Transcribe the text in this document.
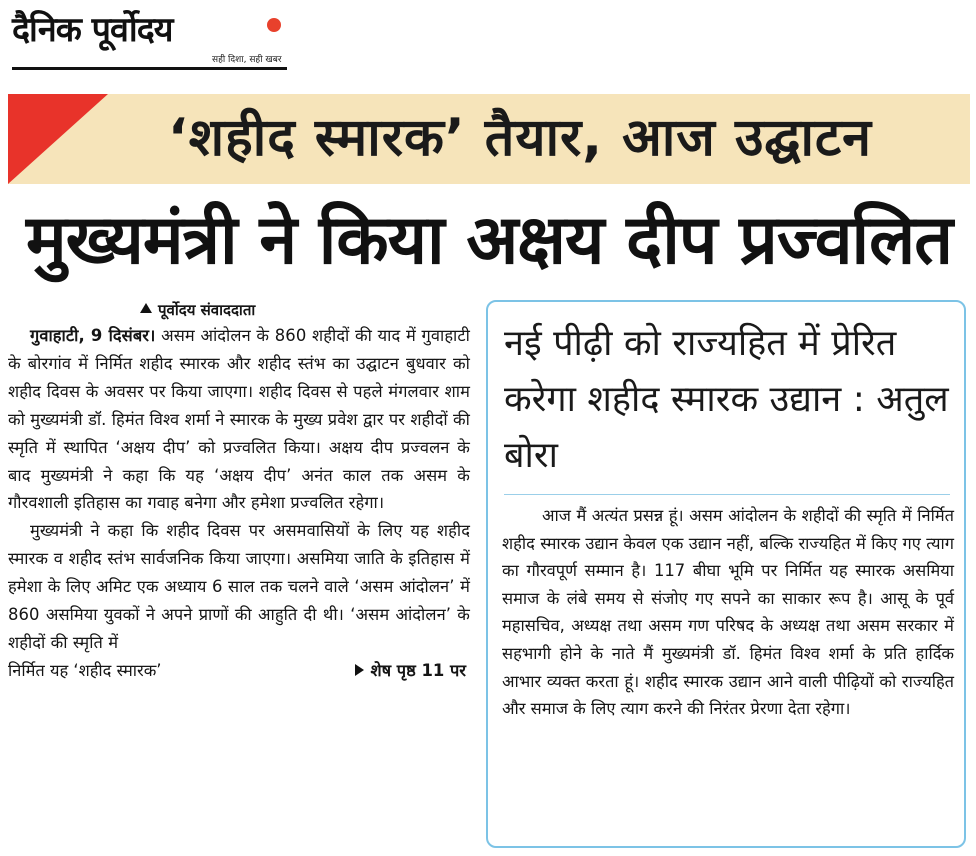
दैनिक पूर्वोदय
सही दिशा, सही खबर
‘शहीद स्मारक’ तैयार, आज उद्घाटन
मुख्यमंत्री ने किया अक्षय दीप प्रज्वलित
पूर्वोदय संवाददाता

गुवाहाटी, 9 दिसंबर। असम आंदोलन के 860 शहीदों की याद में गुवाहाटी के बोरगांव में निर्मित शहीद स्मारक और शहीद स्तंभ का उद्घाटन बुधवार को शहीद दिवस के अवसर पर किया जाएगा। शहीद दिवस से पहले मंगलवार शाम को मुख्यमंत्री डॉ. हिमंत विश्व शर्मा ने स्मारक के मुख्य प्रवेश द्वार पर शहीदों की स्मृति में स्थापित ‘अक्षय दीप’ को प्रज्वलित किया। अक्षय दीप प्रज्वलन के बाद मुख्यमंत्री ने कहा कि यह ‘अक्षय दीप’ अनंत काल तक असम के गौरवशाली इतिहास का गवाह बनेगा और हमेशा प्रज्वलित रहेगा।

मुख्यमंत्री ने कहा कि शहीद दिवस पर असमवासियों के लिए यह शहीद स्मारक व शहीद स्तंभ सार्वजनिक किया जाएगा। असमिया जाति के इतिहास में हमेशा के लिए अमिट एक अध्याय 6 साल तक चलने वाले ‘असम आंदोलन’ में 860 असमिया युवकों ने अपने प्राणों की आहुति दी थी। ‘असम आंदोलन’ के शहीदों की स्मृति में

निर्मित यह ‘शहीद स्मारक’	शेष पृष्ठ 11 पर
नई पीढ़ी को राज्यहित में प्रेरित करेगा शहीद स्मारक उद्यान : अतुल बोरा

आज मैं अत्यंत प्रसन्न हूं। असम आंदोलन के शहीदों की स्मृति में निर्मित शहीद स्मारक उद्यान केवल एक उद्यान नहीं, बल्कि राज्यहित में किए गए त्याग का गौरवपूर्ण सम्मान है। 117 बीघा भूमि पर निर्मित यह स्मारक असमिया समाज के लंबे समय से संजोए गए सपने का साकार रूप है। आसू के पूर्व महासचिव, अध्यक्ष तथा असम गण परिषद के अध्यक्ष तथा असम सरकार में सहभागी होने के नाते मैं मुख्यमंत्री डॉ. हिमंत विश्व शर्मा के प्रति हार्दिक आभार व्यक्त करता हूं। शहीद स्मारक उद्यान आने वाली पीढ़ियों को राज्यहित और समाज के लिए त्याग करने की निरंतर प्रेरणा देता रहेगा।
